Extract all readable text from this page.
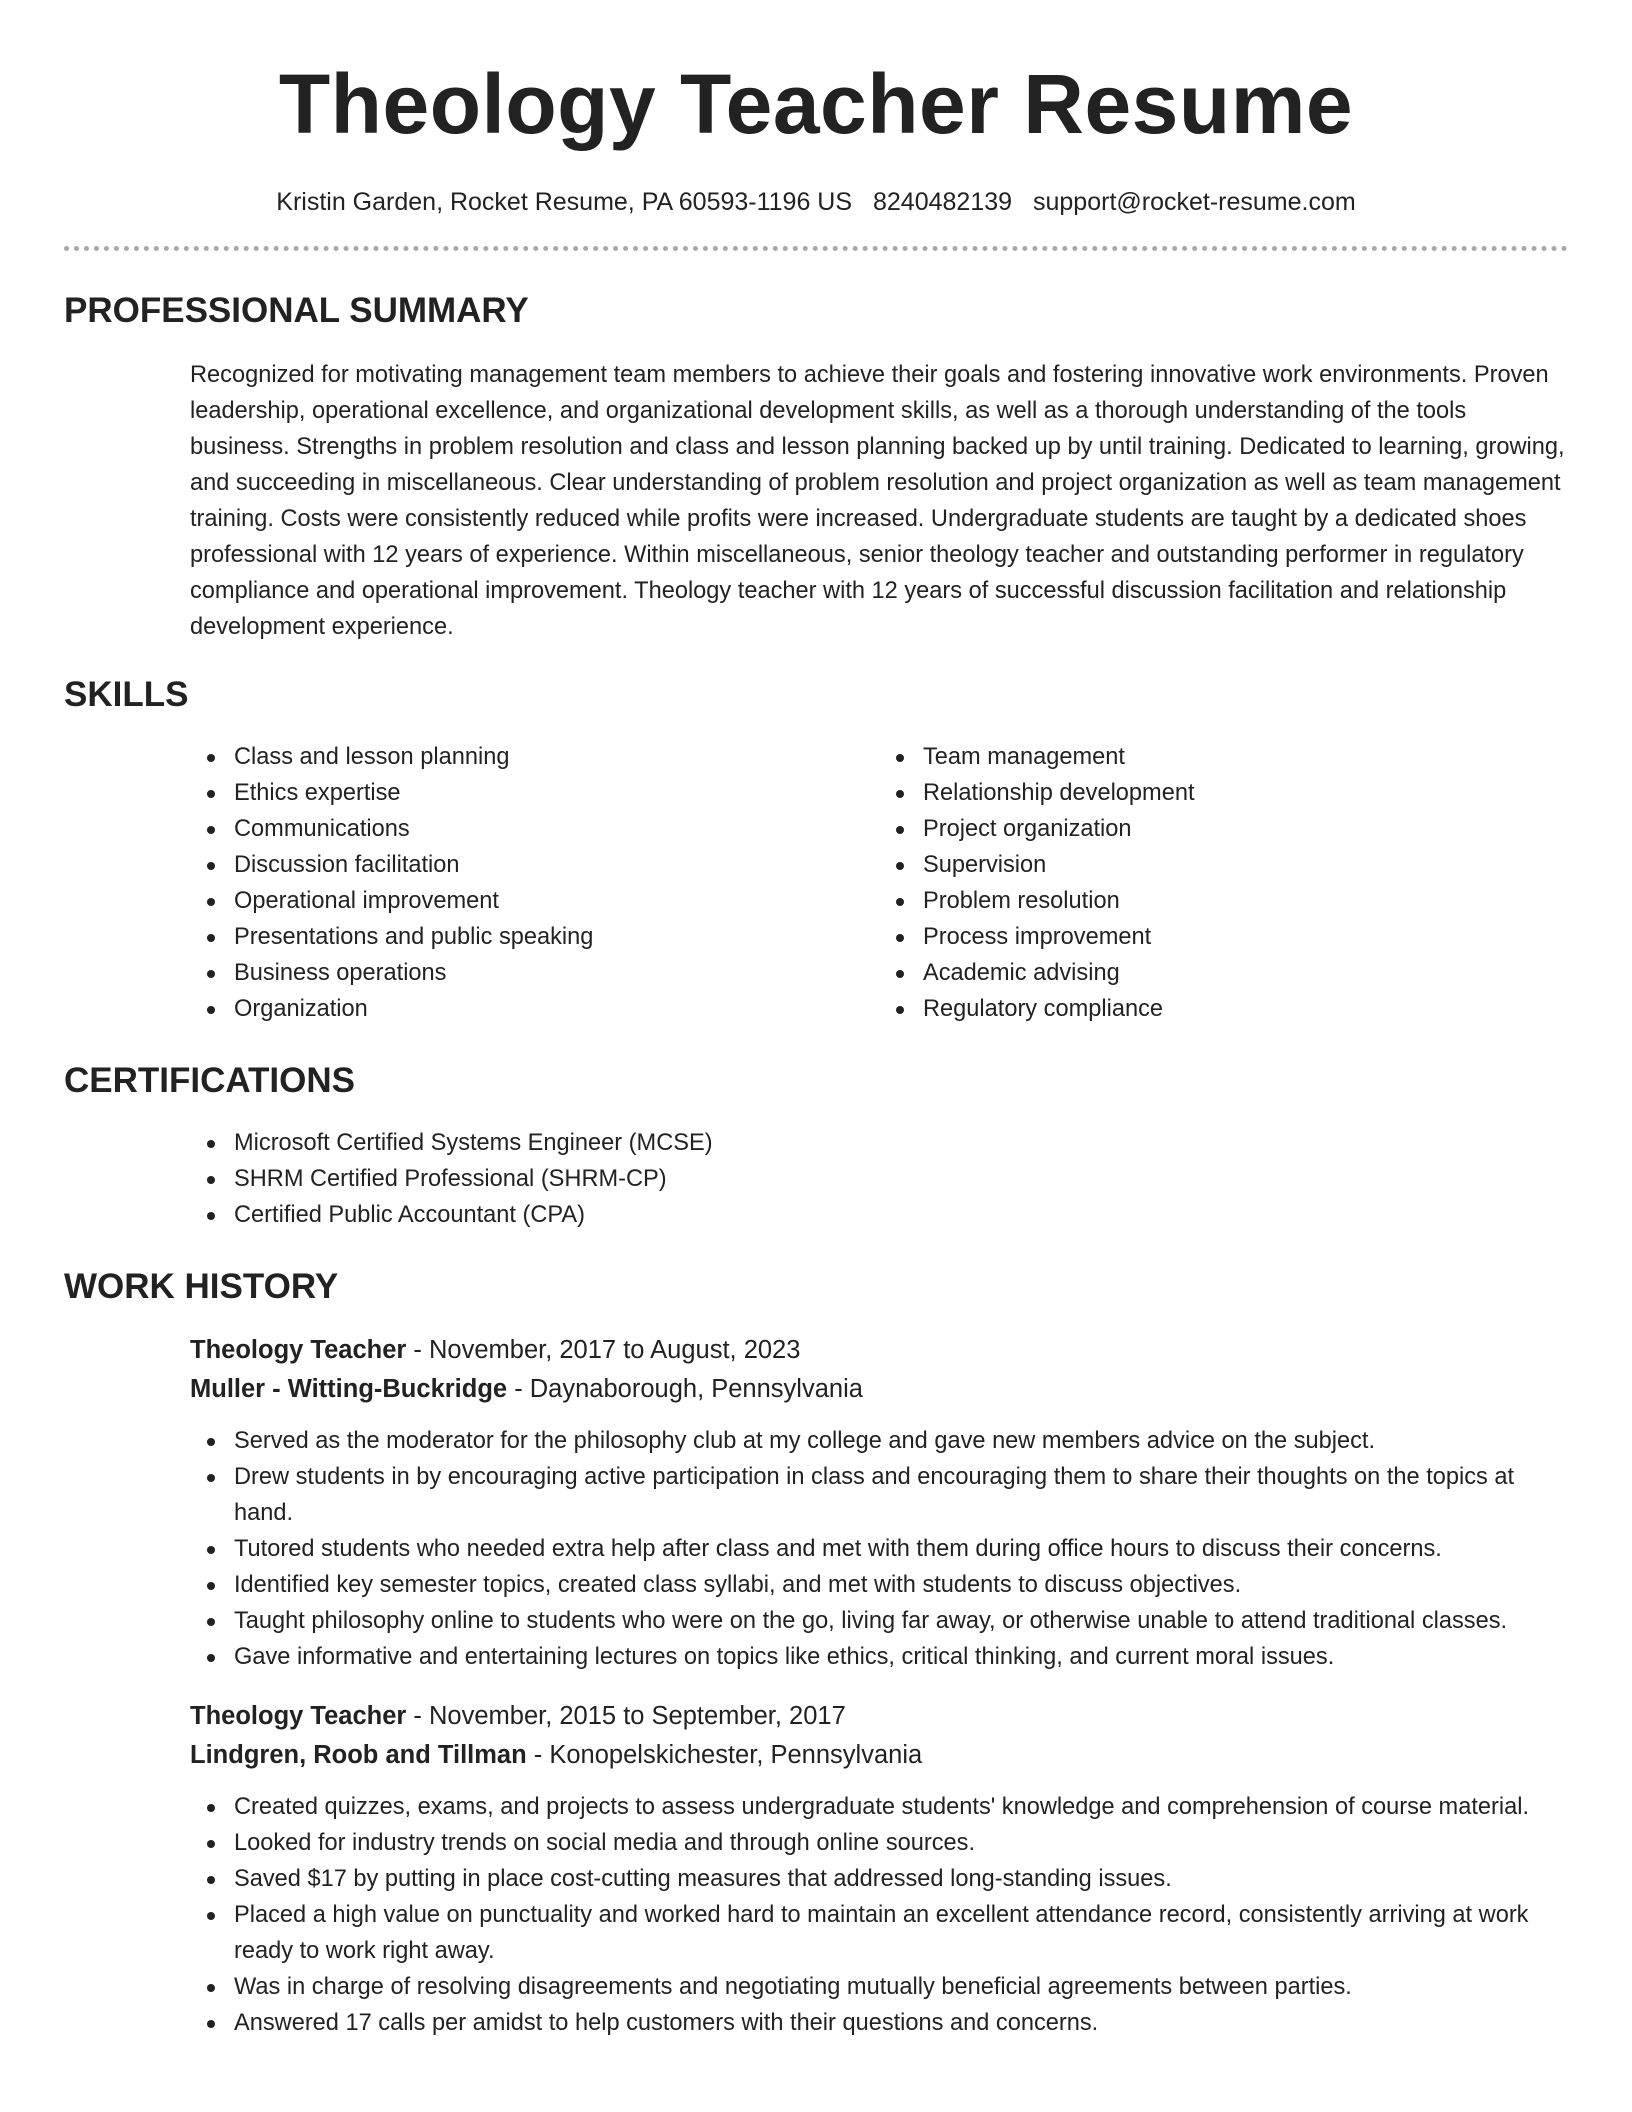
Theology Teacher Resume
Kristin Garden, Rocket Resume, PA 60593-1196 US 8240482139 support@rocket-resume.com
PROFESSIONAL SUMMARY

Recognized for motivating management team members to achieve their goals and fostering innovative work environments. Proven leadership, operational excellence, and organizational development skills, as well as a thorough understanding of the tools business. Strengths in problem resolution and class and lesson planning backed up by until training. Dedicated to learning, growing, and succeeding in miscellaneous. Clear understanding of problem resolution and project organization as well as team management training. Costs were consistently reduced while profits were increased. Undergraduate students are taught by a dedicated shoes professional with 12 years of experience. Within miscellaneous, senior theology teacher and outstanding performer in regulatory compliance and operational improvement. Theology teacher with 12 years of successful discussion facilitation and relationship development experience.

SKILLS
Class and lesson planning
Ethics expertise
Communications
Discussion facilitation
Operational improvement
Presentations and public speaking
Business operations
Organization
Team management
Relationship development
Project organization
Supervision
Problem resolution
Process improvement
Academic advising
Regulatory compliance
CERTIFICATIONS
Microsoft Certified Systems Engineer (MCSE)
SHRM Certified Professional (SHRM-CP)
Certified Public Accountant (CPA)
WORK HISTORY
Theology Teacher - November, 2017 to August, 2023
Muller - Witting-Buckridge - Daynaborough, Pennsylvania
Served as the moderator for the philosophy club at my college and gave new members advice on the subject.
Drew students in by encouraging active participation in class and encouraging them to share their thoughts on the topics at hand.
Tutored students who needed extra help after class and met with them during office hours to discuss their concerns.
Identified key semester topics, created class syllabi, and met with students to discuss objectives.
Taught philosophy online to students who were on the go, living far away, or otherwise unable to attend traditional classes.
Gave informative and entertaining lectures on topics like ethics, critical thinking, and current moral issues.
Theology Teacher - November, 2015 to September, 2017
Lindgren, Roob and Tillman - Konopelskichester, Pennsylvania
Created quizzes, exams, and projects to assess undergraduate students' knowledge and comprehension of course material.
Looked for industry trends on social media and through online sources.
Saved $17 by putting in place cost-cutting measures that addressed long-standing issues.
Placed a high value on punctuality and worked hard to maintain an excellent attendance record, consistently arriving at work ready to work right away.
Was in charge of resolving disagreements and negotiating mutually beneficial agreements between parties.
Answered 17 calls per amidst to help customers with their questions and concerns.
